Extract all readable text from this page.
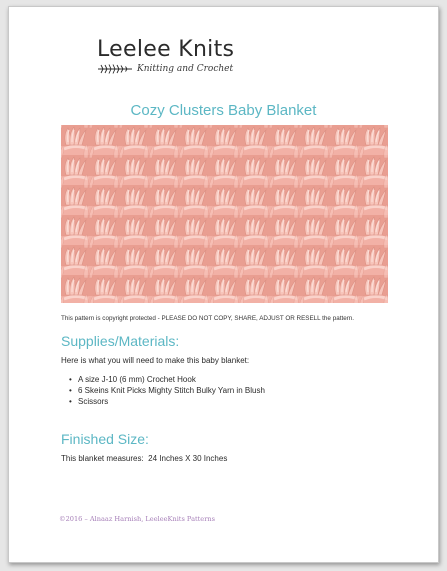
Leelee Knits
Knitting and Crochet
Cozy Clusters Baby Blanket
This pattern is copyright protected - PLEASE DO NOT COPY, SHARE, ADJUST OR RESELL the pattern.
Supplies/Materials:
Here is what you will need to make this baby blanket:
• A size J-10 (6 mm) Crochet Hook
• 6 Skeins Knit Picks Mighty Stitch Bulky Yarn in Blush
• Scissors
Finished Size:
This blanket measures:  24 Inches X 30 Inches
©2016 – Alnaaz Harnish, LeeleeKnits Patterns
